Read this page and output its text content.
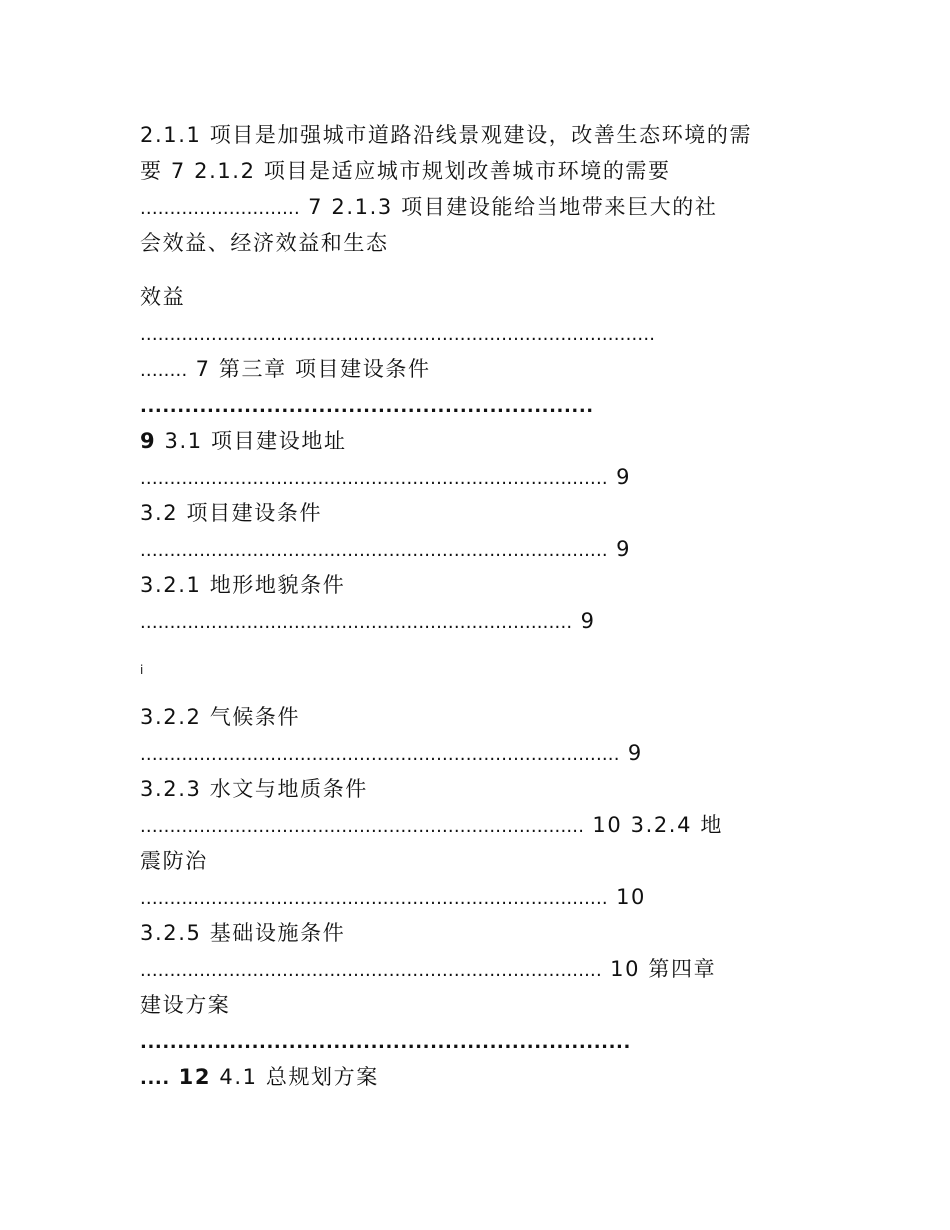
2.1.1 项目是加强城市道路沿线景观建设，改善生态环境的需
要 7 2.1.2 项目是适应城市规划改善城市环境的需要
........................... 7 2.1.3 项目建设能给当地带来巨大的社
会效益、经济效益和生态
效益
.......................................................................................
........ 7 第三章 项目建设条件
.............................................................
9 3.1 项目建设地址
............................................................................... 9
3.2 项目建设条件
............................................................................... 9
3.2.1 地形地貌条件
......................................................................... 9
i
3.2.2 气候条件
................................................................................. 9
3.2.3 水文与地质条件
........................................................................... 10 3.2.4 地
震防治
............................................................................... 10
3.2.5 基础设施条件
.............................................................................. 10 第四章
建设方案
..................................................................
.... 12 4.1 总规划方案
